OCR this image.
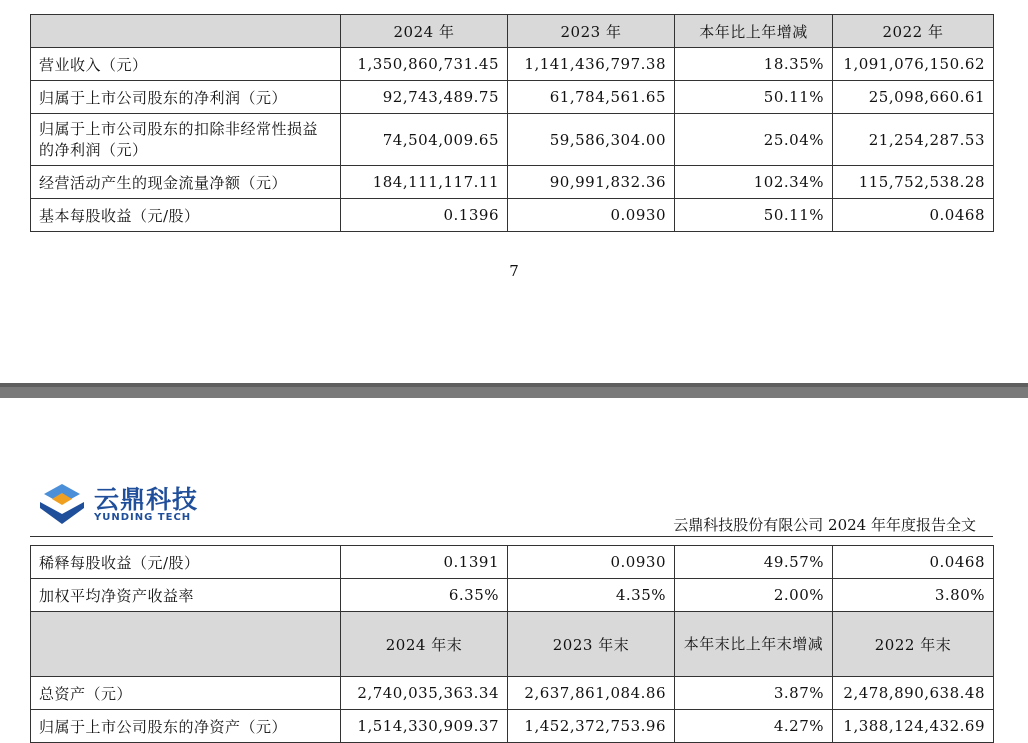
	2024 年	2023 年	本年比上年增减	2022 年
营业收入（元）	1,350,860,731.45	1,141,436,797.38	18.35%	1,091,076,150.62
归属于上市公司股东的净利润（元）	92,743,489.75	61,784,561.65	50.11%	25,098,660.61
归属于上市公司股东的扣除非经常性损益的净利润（元）	74,504,009.65	59,586,304.00	25.04%	21,254,287.53
经营活动产生的现金流量净额（元）	184,111,117.11	90,991,832.36	102.34%	115,752,538.28
基本每股收益（元/股）	0.1396	0.0930	50.11%	0.0468
7
云鼎科技
YUNDING TECH	云鼎科技股份有限公司 2024 年年度报告全文
稀释每股收益（元/股）	0.1391	0.0930	49.57%	0.0468
加权平均净资产收益率	6.35%	4.35%	2.00%	3.80%
	2024 年末	2023 年末	本年末比上年末增减	2022 年末
总资产（元）	2,740,035,363.34	2,637,861,084.86	3.87%	2,478,890,638.48
归属于上市公司股东的净资产（元）	1,514,330,909.37	1,452,372,753.96	4.27%	1,388,124,432.69
